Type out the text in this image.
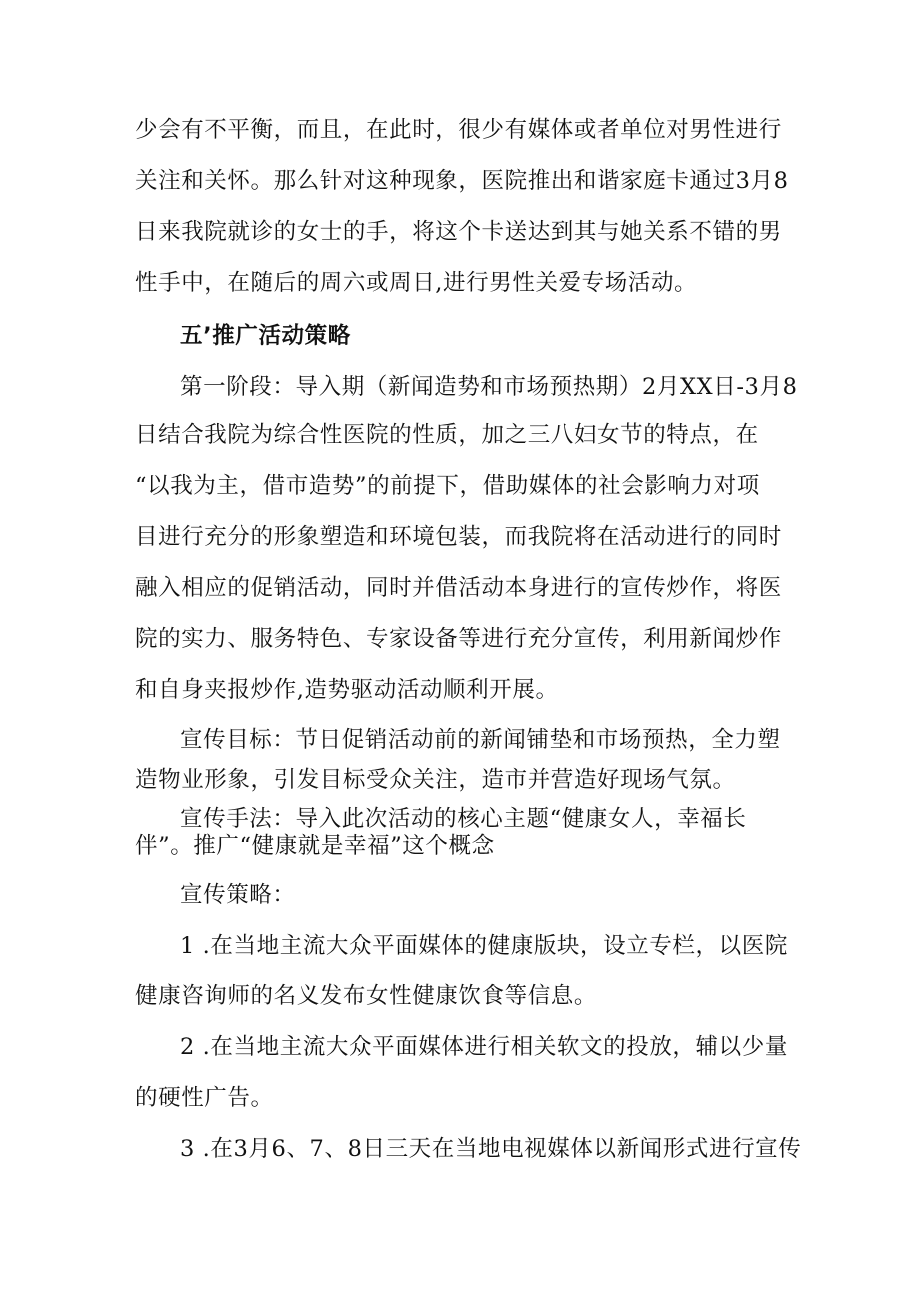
少会有不平衡，而且，在此时，很少有媒体或者单位对男性进行
关注和关怀。那么针对这种现象，医院推出和谐家庭卡通过3月8
日来我院就诊的女士的手，将这个卡送达到其与她关系不错的男
性手中，在随后的周六或周日,进行男性关爱专场活动。
五’推广活动策略
第一阶段：导入期（新闻造势和市场预热期）2月XX日-3月8
日结合我院为综合性医院的性质，加之三八妇女节的特点，在
“以我为主，借市造势”的前提下，借助媒体的社会影响力对项
目进行充分的形象塑造和环境包装，而我院将在活动进行的同时
融入相应的促销活动，同时并借活动本身进行的宣传炒作，将医
院的实力、服务特色、专家设备等进行充分宣传，利用新闻炒作
和自身夹报炒作,造势驱动活动顺利开展。
宣传目标：节日促销活动前的新闻铺垫和市场预热，全力塑
造物业形象，引发目标受众关注，造市并营造好现场气氛。
宣传手法：导入此次活动的核心主题“健康女人，幸福长
伴”。推广“健康就是幸福”这个概念
宣传策略：
1 .在当地主流大众平面媒体的健康版块，设立专栏，以医院
健康咨询师的名义发布女性健康饮食等信息。
2 .在当地主流大众平面媒体进行相关软文的投放，辅以少量
的硬性广告。
3 .在3月6、7、8日三天在当地电视媒体以新闻形式进行宣传
